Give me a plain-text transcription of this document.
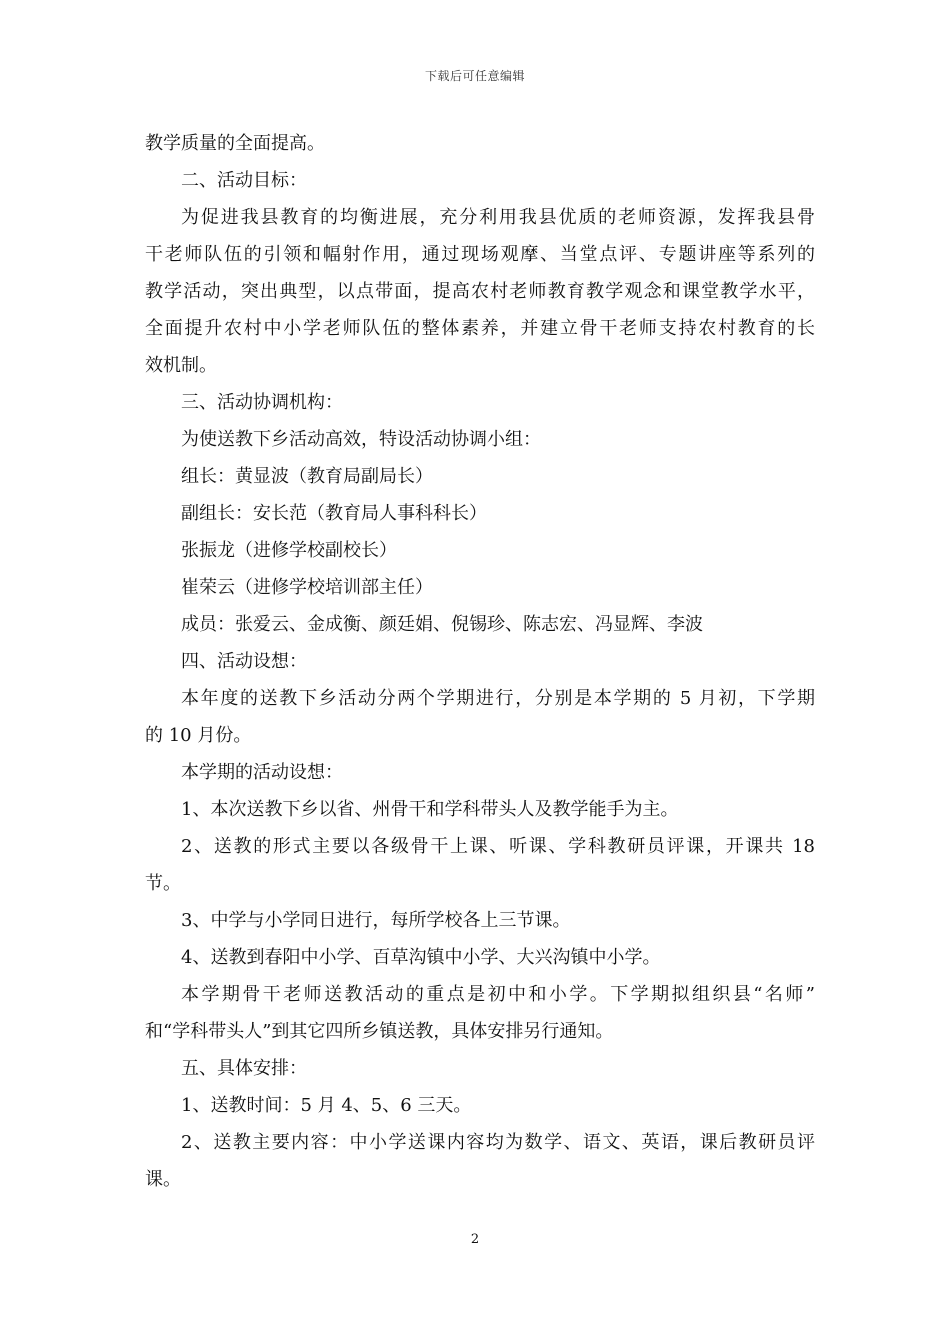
下载后可任意编辑
教学质量的全面提高。
二、活动目标：
为促进我县教育的均衡进展，充分利用我县优质的老师资源，发挥我县骨
干老师队伍的引领和幅射作用，通过现场观摩、当堂点评、专题讲座等系列的
教学活动，突出典型，以点带面，提高农村老师教育教学观念和课堂教学水平，
全面提升农村中小学老师队伍的整体素养，并建立骨干老师支持农村教育的长
效机制。
三、活动协调机构：
为使送教下乡活动高效，特设活动协调小组：
组长：黄显波（教育局副局长）
副组长：安长范（教育局人事科科长）
张振龙（进修学校副校长）
崔荣云（进修学校培训部主任）
成员：张爱云、金成衡、颜廷娟、倪锡珍、陈志宏、冯显辉、李波
四、活动设想：
本年度的送教下乡活动分两个学期进行，分别是本学期的 5 月初，下学期
的 10 月份。
本学期的活动设想：
1、本次送教下乡以省、州骨干和学科带头人及教学能手为主。
2、送教的形式主要以各级骨干上课、听课、学科教研员评课，开课共 18
节。
3、中学与小学同日进行，每所学校各上三节课。
4、送教到春阳中小学、百草沟镇中小学、大兴沟镇中小学。
本学期骨干老师送教活动的重点是初中和小学。下学期拟组织县“名师”
和“学科带头人”到其它四所乡镇送教，具体安排另行通知。
五、具体安排：
1、送教时间：5 月 4、5、6 三天。
2、送教主要内容：中小学送课内容均为数学、语文、英语，课后教研员评
课。
2
